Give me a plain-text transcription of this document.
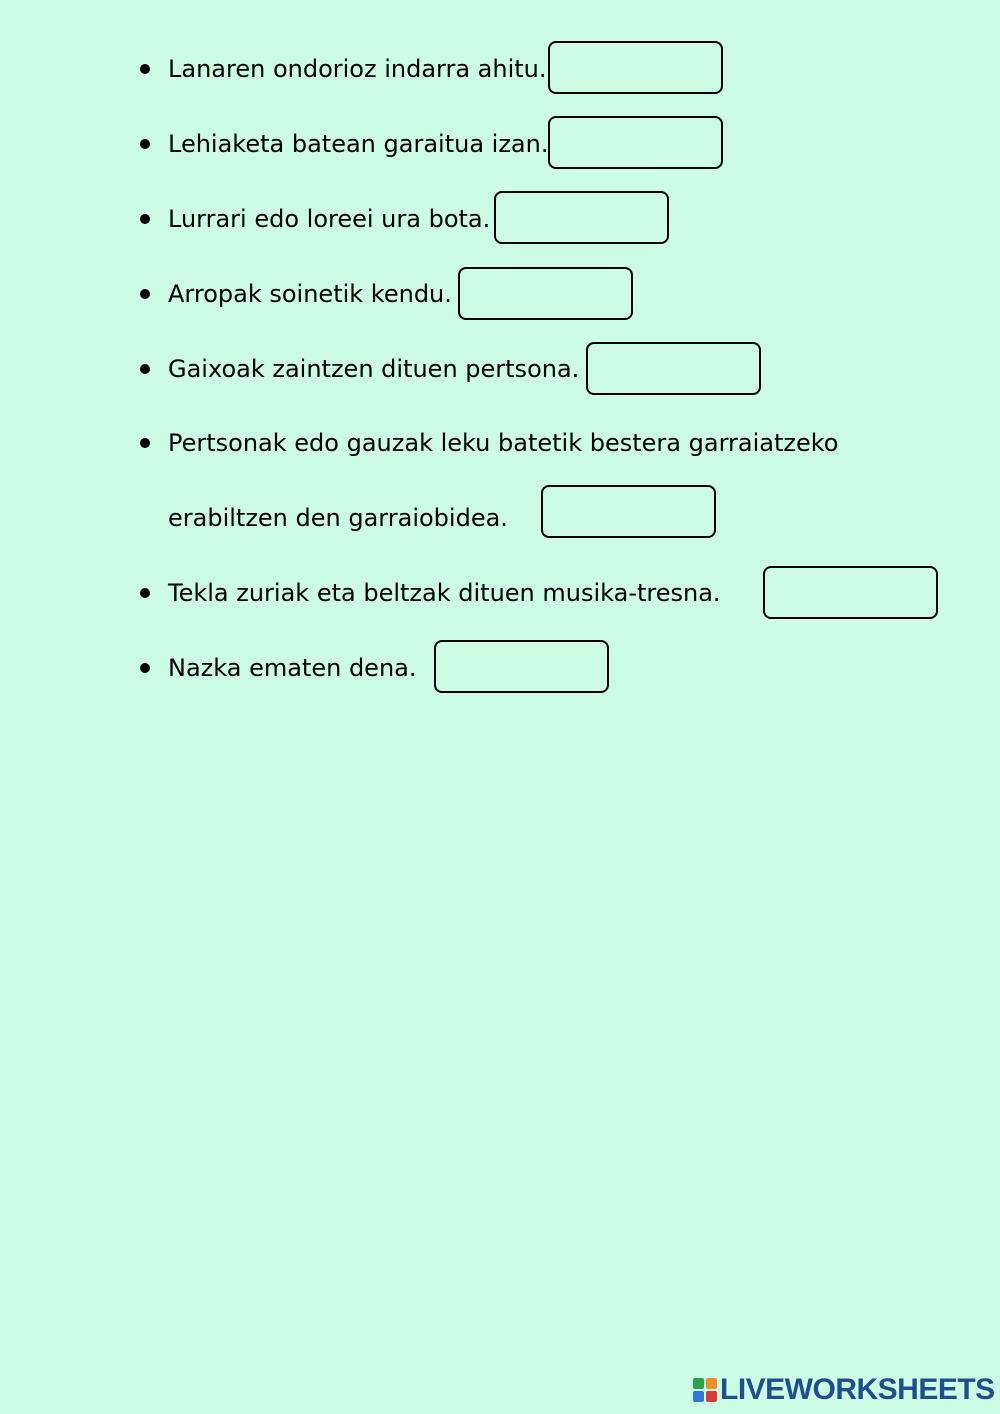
Lanaren ondorioz indarra ahitu.
Lehiaketa batean garaitua izan.
Lurrari edo loreei ura bota.
Arropak soinetik kendu.
Gaixoak zaintzen dituen pertsona.
Pertsonak edo gauzak leku batetik bestera garraiatzeko
erabiltzen den garraiobidea.
Tekla zuriak eta beltzak dituen musika-tresna.
Nazka ematen dena.
LIVEWORKSHEETS
